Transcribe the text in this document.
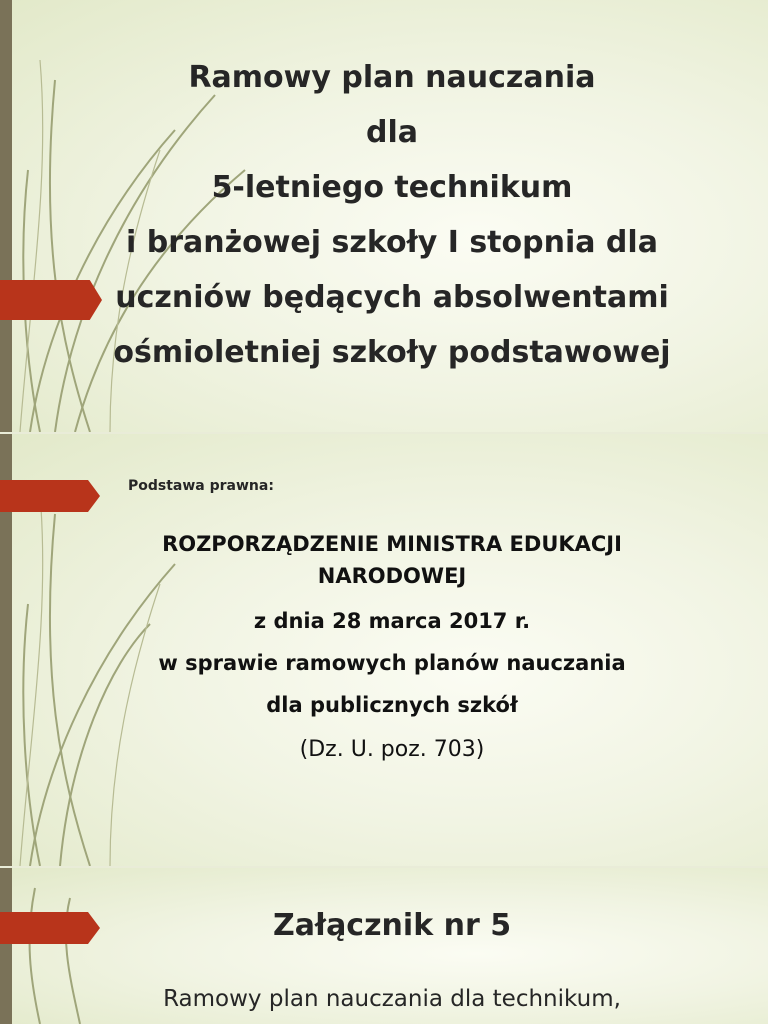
Ramowy plan nauczania
dla
5-letniego technikum
i branżowej szkoły I stopnia dla
uczniów będących absolwentami
ośmioletniej szkoły podstawowej
Podstawa prawna:
ROZPORZĄDZENIE MINISTRA EDUKACJI NARODOWEJ
z dnia 28 marca 2017 r.
w sprawie ramowych planów nauczania
dla publicznych szkół
(Dz. U. poz. 703)
Załącznik nr 5
Ramowy plan nauczania dla technikum,
